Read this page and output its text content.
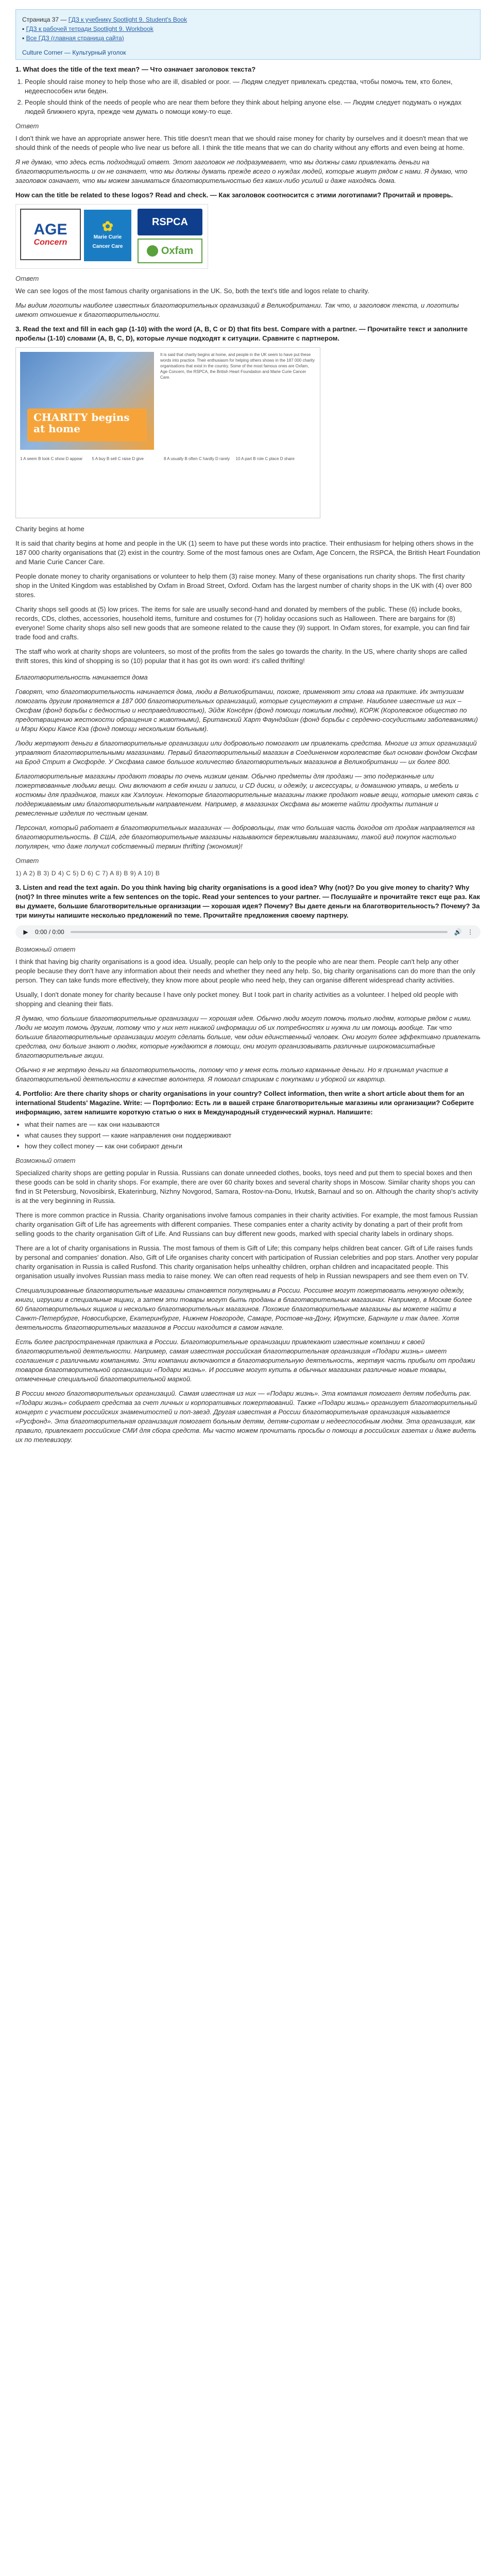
Страница 37 — ГДЗ к учебнику Spotlight 9. Student's Book
▪ ГДЗ к рабочей тетради Spotlight 9. Workbook
▪ Все ГДЗ (главная страница сайта)
Culture Corner — Культурный уголок
1. What does the title of the text mean? — Что означает заголовок текста?
1. People should raise money to help those who are ill, disabled or poor. — Людям следует привлекать средства, чтобы помочь тем, кто болен, недееспособен или беден.
2. People should think of the needs of people who are near them before they think about helping anyone else. — Людям следует подумать о нуждах людей ближнего круга, прежде чем думать о помощи кому-то еще.
Ответ

I don't think we have an appropriate answer here. This title doesn't mean that we should raise money for charity by ourselves and it doesn't mean that we should think of the needs of people who live near us before all. I think the title means that we can do charity without any efforts and even being at home.

Я не думаю, что здесь есть подходящий ответ. Этот заголовок не подразумевает, что мы должны сами привлекать деньги на благотворительность и он не означает, что мы должны думать прежде всего о нуждах людей, которые живут рядом с нами. Я думаю, что заголовок означает, что мы можем заниматься благотворительностью без каких-либо усилий и даже находясь дома.

How can the title be related to these logos? Read and check. — Как заголовок соотносится с этими логотипами? Прочитай и проверь.
AGE
Concern
✿
Marie Curie Cancer Care
RSPCA
Oxfam
Ответ

We can see logos of the most famous charity organisations in the UK. So, both the text's title and logos relate to charity.

Мы видим логотипы наиболее известных благотворительных организаций в Великобритании. Так что, и заголовок текста, и логотипы имеют отношение к благотворительности.

3. Read the text and fill in each gap (1-10) with the word (A, B, C or D) that fits best. Compare with a partner. — Прочитайте текст и заполните пробелы (1-10) словами (A, B, C, D), которые лучше подходят к ситуации. Сравните с партнером.
CHARITY begins at home
It is said that charity begins at home, and people in the UK seem to have put these words into practice. Their enthusiasm for helping others shows in the 187 000 charity organisations that exist in the country. Some of the most famous ones are Oxfam, Age Concern, the RSPCA, the British Heart Foundation and Marie Curie Cancer Care.
1 A seem B look C show D appear 5 A buy B sell C raise D give	8 A usually B often C hardly D rarely 10 A part B role C place D share

Charity begins at home

It is said that charity begins at home and people in the UK (1) seem to have put these words into practice. Their enthusiasm for helping others shows in the 187 000 charity organisations that (2) exist in the country. Some of the most famous ones are Oxfam, Age Concern, the RSPCA, the British Heart Foundation and Marie Curie Cancer Care.

People donate money to charity organisations or volunteer to help them (3) raise money. Many of these organisations run charity shops. The first charity shop in the United Kingdom was established by Oxfam in Broad Street, Oxford. Oxfam has the largest number of charity shops in the UK with (4) over 800 stores.

Charity shops sell goods at (5) low prices. The items for sale are usually second-hand and donated by members of the public. These (6) include books, records, CDs, clothes, accessories, household items, furniture and costumes for (7) holiday occasions such as Halloween. There are bargains for (8) everyone! Some charity shops also sell new goods that are someone related to the cause they (9) support. In Oxfam stores, for example, you can find fair trade food and crafts.

The staff who work at charity shops are volunteers, so most of the profits from the sales go towards the charity. In the US, where charity shops are called thrift stores, this kind of shopping is so (10) popular that it has got its own word: it's called thrifting!

Благотворительность начинается дома

Говорят, что благотворительность начинается дома, люди в Великобритании, похоже, применяют эти слова на практике. Их энтузиазм помогать другим проявляется в 187 000 благотворительных организаций, которые существуют в стране. Наиболее известные из них – Оксфам (фонд борьбы с бедностью и несправедливостью), Эйдж Консёрн (фонд помощи пожилым людям), КОРЖ (Королевское общество по предотвращению жестокости обращения с животными), Британский Харт Фаундэйшн (фонд борьбы с сердечно-сосудистыми заболеваниями) и Мэри Кюри Кансе Кэа (фонд помощи нескольким больным).

Люди жертвуют деньги в благотворительные организации или добровольно помогают им привлекать средства. Многие из этих организаций управляют благотворительными магазинами. Первый благотворительный магазин в Соединенном королевстве был основан фондом Оксфам на Брод Стрит в Оксфорде. У Оксфама самое большое количество благотворительных магазинов в Великобритании — их более 800.

Благотворительные магазины продают товары по очень низким ценам. Обычно предметы для продажи — это подержанные или пожертвованные людьми вещи. Они включают в себя книги и записи, и CD диски, и одежду, и аксессуары, и домашнюю утварь, и мебель и костюмы для праздников, таких как Хэллоуин. Некоторые благотворительные магазины также продают новые вещи, которые имеют связь с поддерживаемым ими благотворительным направлением. Например, в магазинах Оксфама вы можете найти продукты питания и ремесленные изделия по честным ценам.

Персонал, который работает в благотворительных магазинах — добровольцы, так что большая часть доходов от продаж направляется на благотворительность. В США, где благотворительные магазины называются бережливыми магазинами, такой вид покупок настолько популярен, что даже получил собственный термин thrifting (экономия)!

Ответ
1) A 2) B 3) D 4) C 5) D 6) C 7) A 8) B 9) A 10) B
3. Listen and read the text again. Do you think having big charity organisations is a good idea? Why (not)? Do you give money to charity? Why (not)? In three minutes write a few sentences on the topic. Read your sentences to your partner. — Послушайте и прочитайте текст еще раз. Как вы думаете, большие благотворительные организации — хорошая идея? Почему? Вы даете деньги на благотворительность? Почему? За три минуты напишите несколько предложений по теме. Прочитайте предложения своему партнеру.
▶ 0:00 / 0:00	🔊 ⋮
Возможный ответ

I think that having big charity organisations is a good idea. Usually, people can help only to the people who are near them. People can't help any other people because they don't have any information about their needs and whether they need any help. So, big charity organisations can do more than the only person. They can take funds more effectively, they know more about people who need help, they can organise different widespread charity activities.

Usually, I don't donate money for charity because I have only pocket money. But I took part in charity activities as a volunteer. I helped old people with shopping and cleaning their flats.

Я думаю, что большие благотворительные организации — хорошая идея. Обычно люди могут помочь только людям, которые рядом с ними. Люди не могут помочь другим, потому что у них нет никакой информации об их потребностях и нужна ли им помощь вообще. Так что большие благотворительные организации могут сделать больше, чем один единственный человек. Они могут более эффективно привлекать средства, они больше знают о людях, которые нуждаются в помощи, они могут организовывать различные широкомасштабные благотворительные акции.

Обычно я не жертвую деньги на благотворительность, потому что у меня есть только карманные деньги. Но я принимал участие в благотворительной деятельности в качестве волонтера. Я помогал старикам с покупками и уборкой их квартир.

4. Portfolio: Are there charity shops or charity organisations in your country? Collect information, then write a short article about them for an international Students' Magazine. Write: — Портфолио: Есть ли в вашей стране благотворительные магазины или организации? Соберите информацию, затем напишите короткую статью о них в Международный студенческий журнал. Напишите:
• what their names are — как они называются
• what causes they support — какие направления они поддерживают
• how they collect money — как они собирают деньги
Возможный ответ

Specialized charity shops are getting popular in Russia. Russians can donate unneeded clothes, books, toys need and put them to special boxes and then these goods can be sold in charity shops. For example, there are over 60 charity boxes and several charity shops in Moscow. Similar charity shops you can find in St Petersburg, Novosibirsk, Ekaterinburg, Nizhny Novgorod, Samara, Rostov-na-Donu, Irkutsk, Barnaul and so on. Although the charity shop's activity is at the very beginning in Russia.

There is more common practice in Russia. Charity organisations involve famous companies in their charity activities. For example, the most famous Russian charity organisation Gift of Life has agreements with different companies. These companies enter a charity activity by donating a part of their profit from selling goods to the charity organisation Gift of Life. And Russians can buy different new goods, marked with special charity labels in ordinary shops.

There are a lot of charity organisations in Russia. The most famous of them is Gift of Life; this company helps children beat cancer. Gift of Life raises funds by personal and companies' donation. Also, Gift of Life organises charity concert with participation of Russian celebrities and pop stars. Another very popular charity organisation in Russia is called Rusfond. This charity organisation helps unhealthy children, orphan children and incapacitated people. This organisation usually involves Russian mass media to raise money. We can often read requests of help in Russian newspapers and see them even on TV.

Специализированные благотворительные магазины становятся популярными в России. Россияне могут пожертвовать ненужную одежду, книги, игрушки в специальные ящики, а затем эти товары могут быть проданы в благотворительных магазинах. Например, в Москве более 60 благотворительных ящиков и несколько благотворительных магазинов. Похожие благотворительные магазины вы можете найти в Санкт-Петербурге, Новосибирске, Екатеринбурге, Нижнем Новгороде, Самаре, Ростове-на-Дону, Иркутске, Барнауле и так далее. Хотя деятельность благотворительных магазинов в России находится в самом начале.

Есть более распространенная практика в России. Благотворительные организации привлекают известные компании к своей благотворительной деятельности. Например, самая известная российская благотворительная организация «Подари жизнь» имеет соглашения с различными компаниями. Эти компании включаются в благотворительную деятельность, жертвуя часть прибыли от продажи товаров благотворительной организации «Подари жизнь». И россияне могут купить в обычных магазинах различные новые товары, отмеченные специальной благотворительной маркой.

В России много благотворительных организаций. Самая известная из них — «Подари жизнь». Эта компания помогает детям победить рак. «Подари жизнь» собирает средства за счет личных и корпоративных пожертвований. Также «Подари жизнь» организует благотворительный концерт с участием российских знаменитостей и поп-звезд. Другая известная в России благотворительная организация называется «Русфонд». Эта благотворительная организация помогает больным детям, детям-сиротам и недееспособным людям. Эта организация, как правило, привлекает российские СМИ для сбора средств. Мы часто можем прочитать просьбы о помощи в российских газетах и даже видеть их по телевизору.
